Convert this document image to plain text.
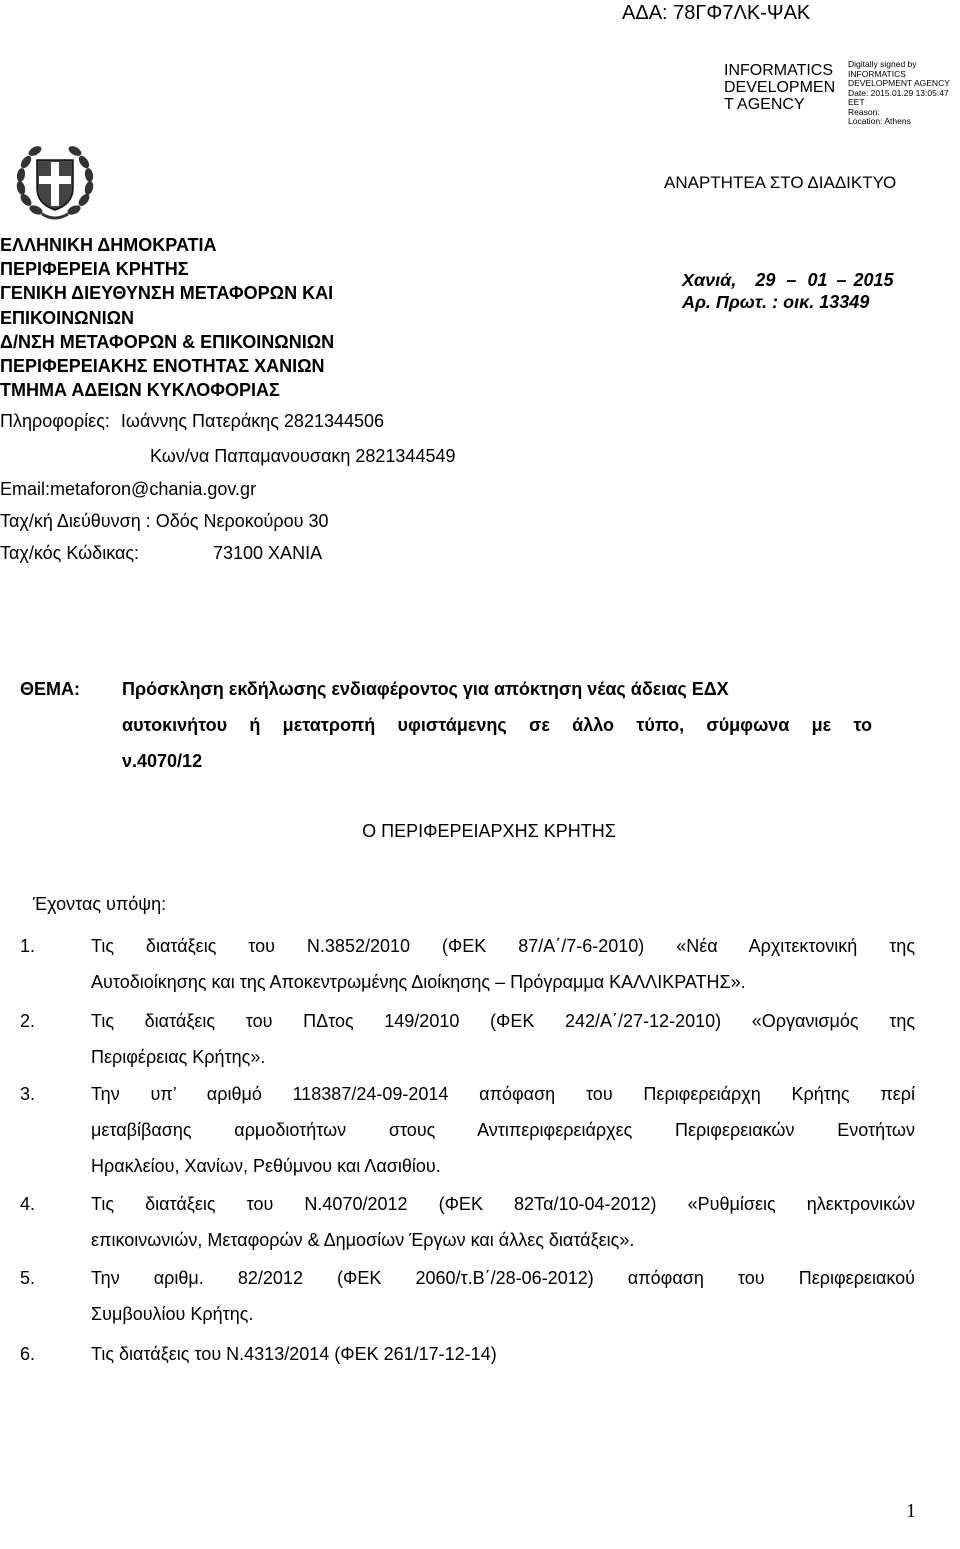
ΑΔΑ: 78ΓΦ7ΛΚ-ΨΑΚ
INFORMATICS
DEVELOPMEN
T AGENCY
Digitally signed by
INFORMATICS
DEVELOPMENT AGENCY
Date: 2015.01.29 13:05:47
EET
Reason:
Location: Athens
ΑΝΑΡΤΗΤΕΑ ΣΤΟ ΔΙΑΔΙΚΤΥΟ
ΕΛΛΗΝΙΚΗ ΔΗΜΟΚΡΑΤΙΑ
ΠΕΡΙΦΕΡΕΙΑ ΚΡΗΤΗΣ
ΓΕΝΙΚΗ ΔΙΕΥΘΥΝΣΗ ΜΕΤΑΦΟΡΩΝ ΚΑΙ
ΕΠΙΚΟΙΝΩΝΙΩΝ
Δ/ΝΣΗ ΜΕΤΑΦΟΡΩΝ & ΕΠΙΚΟΙΝΩΝΙΩΝ
ΠΕΡΙΦΕΡΕΙΑΚΗΣ ΕΝΟΤΗΤΑΣ ΧΑΝΙΩΝ
ΤΜΗΜΑ ΑΔΕΙΩΝ ΚΥΚΛΟΦΟΡΙΑΣ
Πληροφορίες: Ιωάννης Πατεράκης 2821344506
Κων/να Παπαμανουσακη 2821344549
Email:metaforon@chania.gov.gr
Ταχ/κή Διεύθυνση : Οδός Νεροκούρου 30
Ταχ/κός Κώδικας:	73100 ΧΑΝΙΑ
Χανιά, 29 – 01 – 2015
Αρ. Πρωτ. : οικ. 13349
ΘΕΜΑ: Πρόσκληση εκδήλωσης ενδιαφέροντος για απόκτηση νέας άδειας ΕΔΧ
αυτοκινήτου ή μετατροπή υφιστάμενης σε άλλο τύπο, σύμφωνα με το
ν.4070/12
Ο ΠΕΡΙΦΕΡΕΙΑΡΧΗΣ ΚΡΗΤΗΣ
Έχοντας υπόψη:
1.	Τις διατάξεις του Ν.3852/2010 (ΦΕΚ 87/Α΄/7-6-2010) «Νέα Αρχιτεκτονική της
Αυτοδιοίκησης και της Αποκεντρωμένης Διοίκησης – Πρόγραμμα ΚΑΛΛΙΚΡΑΤΗΣ».
2.	Τις διατάξεις του ΠΔτος 149/2010 (ΦΕΚ 242/Α΄/27-12-2010) «Οργανισμός της
Περιφέρειας Κρήτης».
3.	Την υπ’ αριθμό 118387/24-09-2014 απόφαση του Περιφερειάρχη Κρήτης περί
μεταβίβασης αρμοδιοτήτων στους Αντιπεριφερειάρχες Περιφερειακών Ενοτήτων
Ηρακλείου, Χανίων, Ρεθύμνου και Λασιθίου.
4.	Τις διατάξεις του Ν.4070/2012 (ΦΕΚ 82Τα/10-04-2012) «Ρυθμίσεις ηλεκτρονικών
επικοινωνιών, Μεταφορών & Δημοσίων Έργων και άλλες διατάξεις».
5.	Την αριθμ. 82/2012 (ΦΕΚ 2060/τ.Β΄/28-06-2012) απόφαση του Περιφερειακού
Συμβουλίου Κρήτης.
6.	Τις διατάξεις του Ν.4313/2014 (ΦΕΚ 261/17-12-14)
1
